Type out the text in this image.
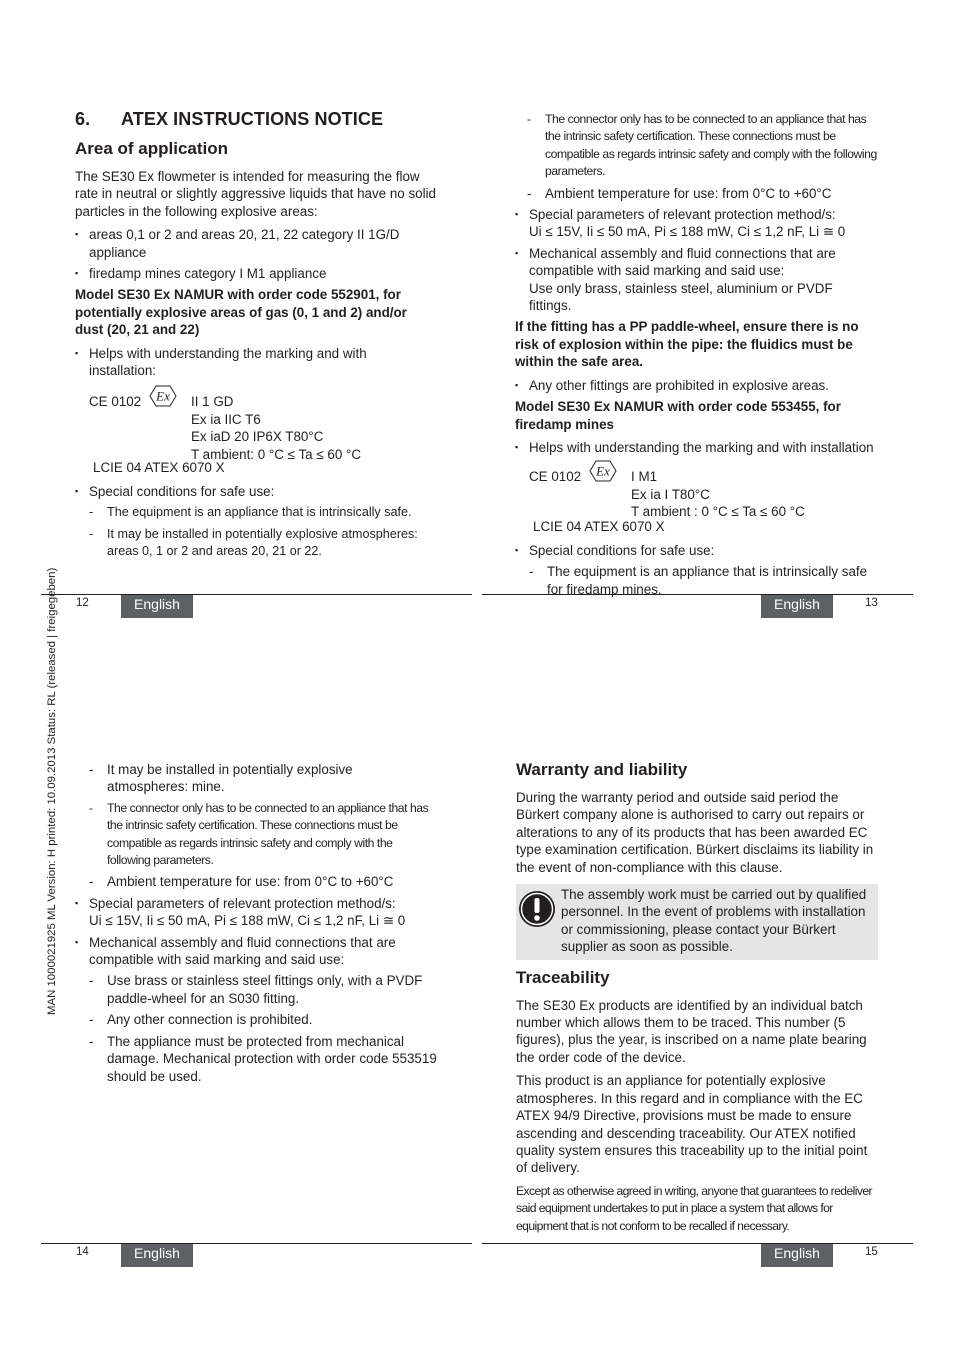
MAN 1000021925 ML Version: H printed: 10.09.2013 Status: RL (released | freigegeben)
6. ATEX INSTRUCTIONS NOTICE
Area of application

The SE30 Ex flowmeter is intended for measuring the flow rate in neutral or slightly aggressive liquids that have no solid particles in the following explosive areas:

▪ areas 0,1 or 2 and areas 20, 21, 22 category II 1G/D appliance
▪ firedamp mines category I M1 appliance

Model SE30 Ex NAMUR with order code 552901, for potentially explosive areas of gas (0, 1 and 2) and/or dust (20, 21 and 22)

▪ Helps with understanding the marking and with installation:
CE 0102 Ex II 1 GD
Ex ia IIC T6
Ex iaD 20 IP6X T80°C
T ambient: 0 °C ≤ Ta ≤ 60 °C
LCIE 04 ATEX 6070 X
▪ Special conditions for safe use:
- The equipment is an appliance that is intrinsically safe.
- It may be installed in potentially explosive atmospheres: areas 0, 1 or 2 and areas 20, 21 or 22.
12	English
- The connector only has to be connected to an appliance that has the intrinsic safety certification. These connections must be compatible as regards intrinsic safety and comply with the following parameters.
- Ambient temperature for use: from 0°C to +60°C
▪ Special parameters of relevant protection method/s:
Ui ≤ 15V, Ii ≤ 50 mA, Pi ≤ 188 mW, Ci ≤ 1,2 nF, Li ≅ 0
▪ Mechanical assembly and fluid connections that are compatible with said marking and said use:
Use only brass, stainless steel, aluminium or PVDF fittings.

If the fitting has a PP paddle-wheel, ensure there is no risk of explosion within the pipe: the fluidics must be within the safe area.

▪ Any other fittings are prohibited in explosive areas.

Model SE30 Ex NAMUR with order code 553455, for firedamp mines

▪ Helps with understanding the marking and with installation
CE 0102 Ex I M1
Ex ia I T80°C
T ambient : 0 °C ≤ Ta ≤ 60 °C
LCIE 04 ATEX 6070 X
▪ Special conditions for safe use:
- The equipment is an appliance that is intrinsically safe for firedamp mines.
English	13
- It may be installed in potentially explosive atmospheres: mine.
- The connector only has to be connected to an appliance that has the intrinsic safety certification. These connections must be compatible as regards intrinsic safety and comply with the following parameters.
- Ambient temperature for use: from 0°C to +60°C
▪ Special parameters of relevant protection method/s:
Ui ≤ 15V, Ii ≤ 50 mA, Pi ≤ 188 mW, Ci ≤ 1,2 nF, Li ≅ 0
▪ Mechanical assembly and fluid connections that are compatible with said marking and said use:
- Use brass or stainless steel fittings only, with a PVDF paddle-wheel for an S030 fitting.
- Any other connection is prohibited.
- The appliance must be protected from mechanical damage. Mechanical protection with order code 553519 should be used.
14	English
Warranty and liability

During the warranty period and outside said period the Bürkert company alone is authorised to carry out repairs or alterations to any of its products that has been awarded EC type examination certification. Bürkert disclaims its liability in the event of non-compliance with this clause.

The assembly work must be carried out by qualified personnel. In the event of problems with installation or commissioning, please contact your Bürkert supplier as soon as possible.
Traceability

The SE30 Ex products are identified by an individual batch number which allows them to be traced. This number (5 figures), plus the year, is inscribed on a name plate bearing the order code of the device.

This product is an appliance for potentially explosive atmospheres. In this regard and in compliance with the EC ATEX 94/9 Directive, provisions must be made to ensure ascending and descending traceability. Our ATEX notified quality system ensures this traceability up to the initial point of delivery.

Except as otherwise agreed in writing, anyone that guarantees to redeliver said equipment undertakes to put in place a system that allows for equipment that is not conform to be recalled if necessary.

English	15
